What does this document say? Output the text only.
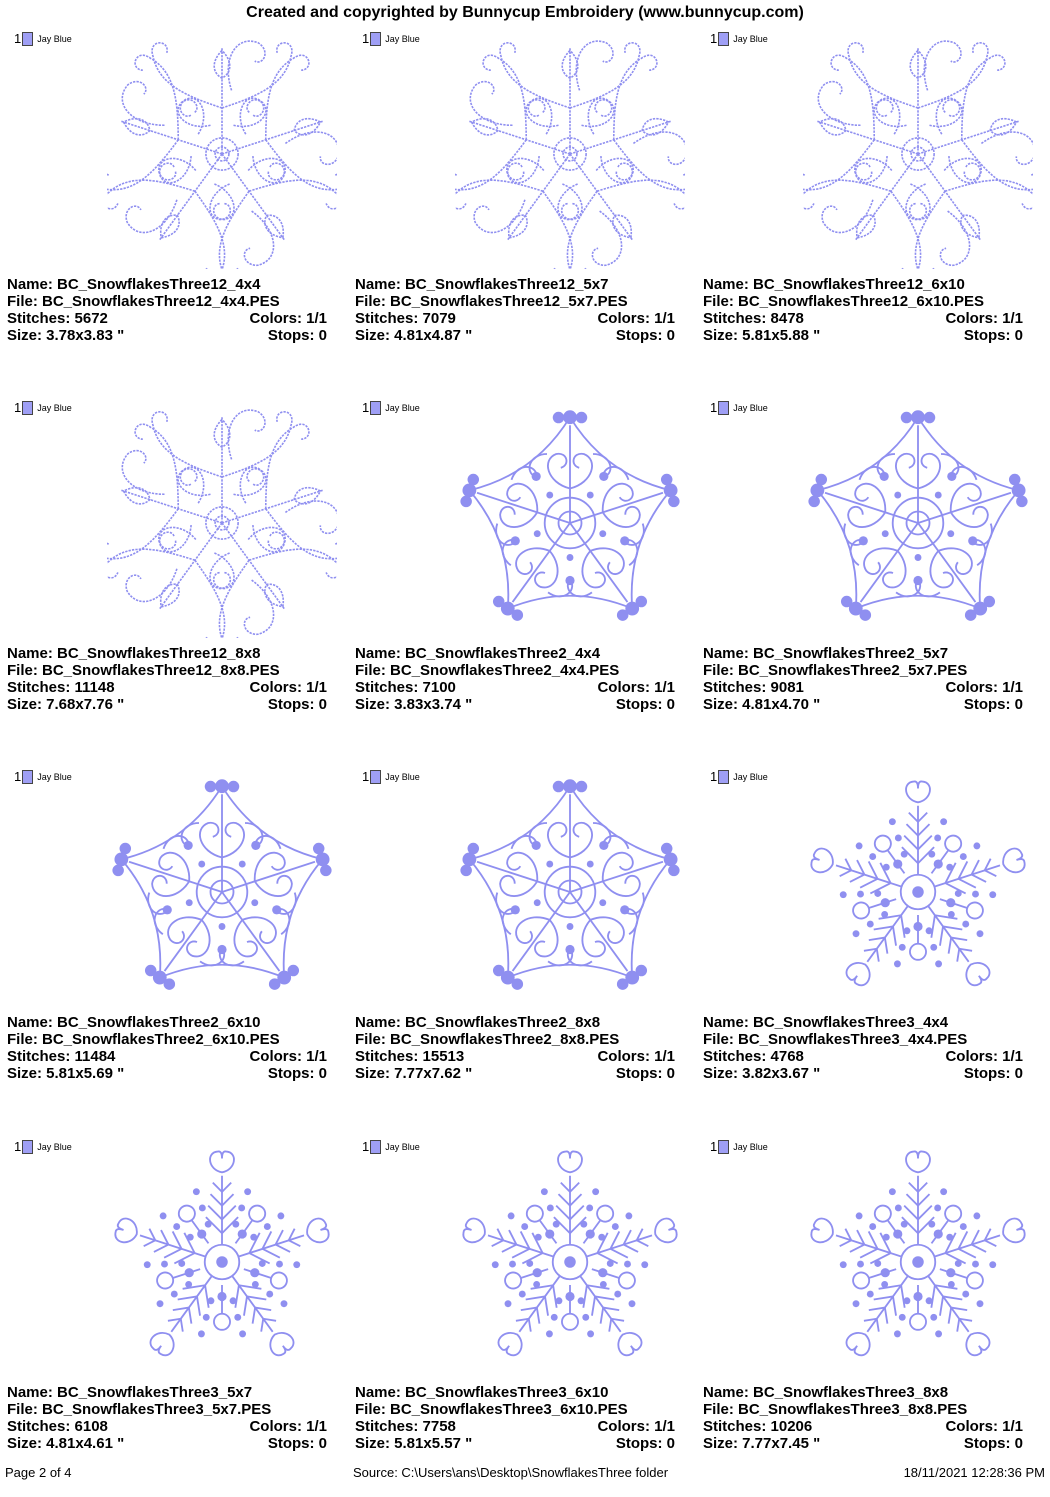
Created and copyrighted by Bunnycup Embroidery (www.bunnycup.com)
1 Jay Blue
Name: BC_SnowflakesThree12_4x4
File: BC_SnowflakesThree12_4x4.PES
Stitches: 5672	Colors: 1/1
Size: 3.78x3.83 "	Stops: 0
1 Jay Blue
Name: BC_SnowflakesThree12_5x7
File: BC_SnowflakesThree12_5x7.PES
Stitches: 7079	Colors: 1/1
Size: 4.81x4.87 "	Stops: 0
1 Jay Blue
Name: BC_SnowflakesThree12_6x10
File: BC_SnowflakesThree12_6x10.PES
Stitches: 8478	Colors: 1/1
Size: 5.81x5.88 "	Stops: 0
1 Jay Blue
Name: BC_SnowflakesThree12_8x8
File: BC_SnowflakesThree12_8x8.PES
Stitches: 11148	Colors: 1/1
Size: 7.68x7.76 "	Stops: 0
1 Jay Blue
Name: BC_SnowflakesThree2_4x4
File: BC_SnowflakesThree2_4x4.PES
Stitches: 7100	Colors: 1/1
Size: 3.83x3.74 "	Stops: 0
1 Jay Blue
Name: BC_SnowflakesThree2_5x7
File: BC_SnowflakesThree2_5x7.PES
Stitches: 9081	Colors: 1/1
Size: 4.81x4.70 "	Stops: 0
1 Jay Blue
Name: BC_SnowflakesThree2_6x10
File: BC_SnowflakesThree2_6x10.PES
Stitches: 11484	Colors: 1/1
Size: 5.81x5.69 "	Stops: 0
1 Jay Blue
Name: BC_SnowflakesThree2_8x8
File: BC_SnowflakesThree2_8x8.PES
Stitches: 15513	Colors: 1/1
Size: 7.77x7.62 "	Stops: 0
1 Jay Blue
Name: BC_SnowflakesThree3_4x4
File: BC_SnowflakesThree3_4x4.PES
Stitches: 4768	Colors: 1/1
Size: 3.82x3.67 "	Stops: 0
1 Jay Blue
Name: BC_SnowflakesThree3_5x7
File: BC_SnowflakesThree3_5x7.PES
Stitches: 6108	Colors: 1/1
Size: 4.81x4.61 "	Stops: 0
1 Jay Blue
Name: BC_SnowflakesThree3_6x10
File: BC_SnowflakesThree3_6x10.PES
Stitches: 7758	Colors: 1/1
Size: 5.81x5.57 "	Stops: 0
1 Jay Blue
Name: BC_SnowflakesThree3_8x8
File: BC_SnowflakesThree3_8x8.PES
Stitches: 10206	Colors: 1/1
Size: 7.77x7.45 "	Stops: 0
Page 2 of 4	Source: C:\Users\ans\Desktop\SnowflakesThree folder	18/11/2021 12:28:36 PM
